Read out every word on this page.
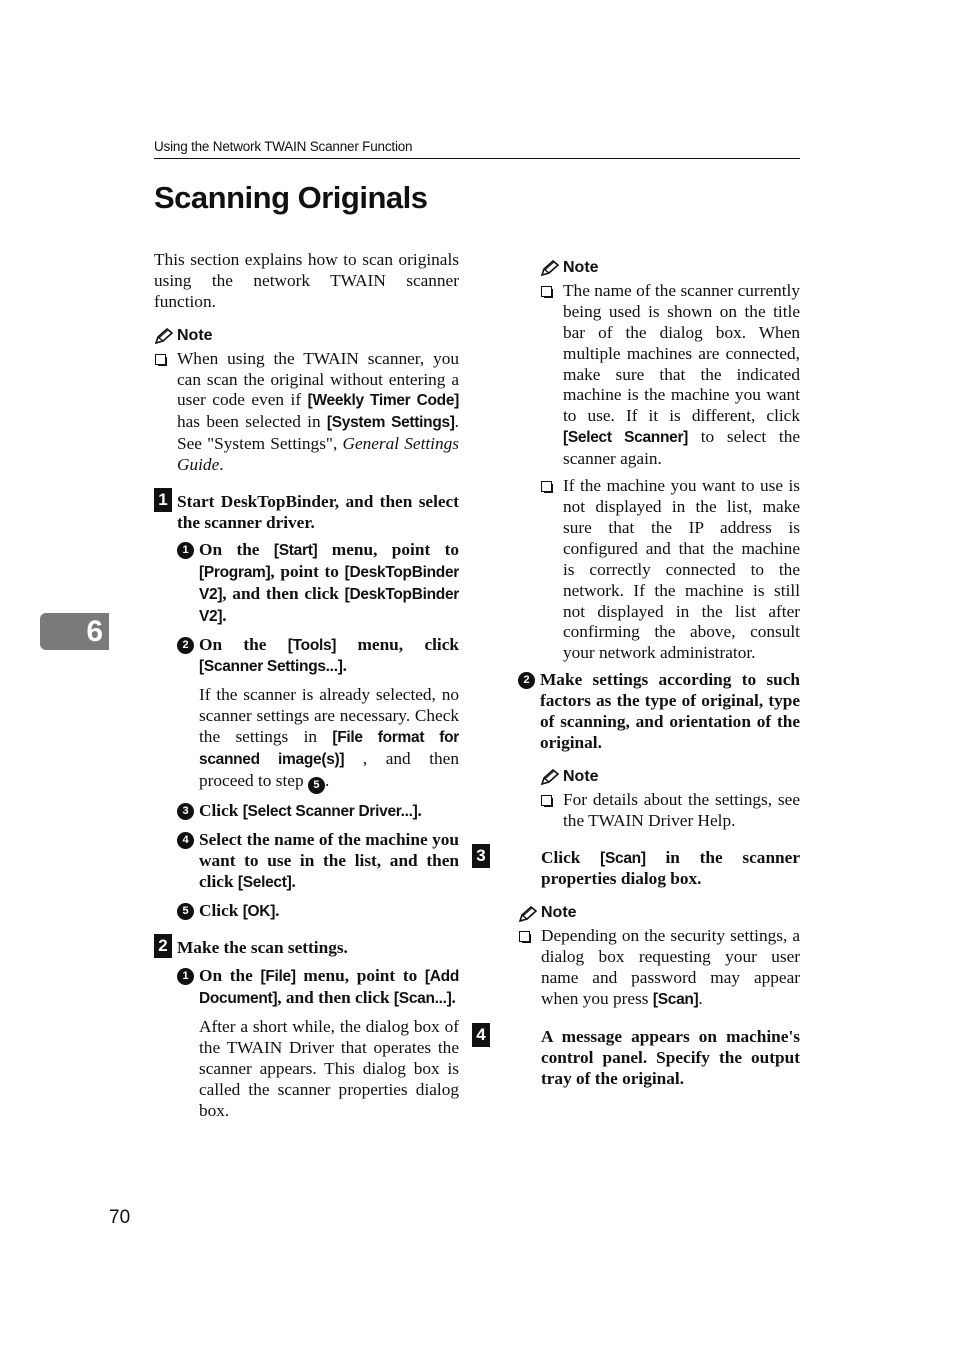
Using the Network TWAIN Scanner Function
Scanning Originals
6
70

This section explains how to scan originals using the network TWAIN scanner function.

Note

When using the TWAIN scanner, you can scan the original without entering a user code even if [Weekly Timer Code] has been selected in [System Settings]. See "System Settings", General Settings Guide.

1 Start DeskTopBinder, and then select the scanner driver.

1 On the [Start] menu, point to [Program], point to [DeskTopBinder V2], and then click [DeskTopBinder V2].

2 On the [Tools] menu, click [Scanner Settings...].

If the scanner is already selected, no scanner settings are necessary. Check the settings in [File format for scanned image(s)] , and then proceed to step 5 .

3 Click [Select Scanner Driver...].

4 Select the name of the machine you want to use in the list, and then click [Select].

5 Click [OK].

2 Make the scan settings.

1 On the [File] menu, point to [Add Document], and then click [Scan...].

After a short while, the dialog box of the TWAIN Driver that operates the scanner appears. This dialog box is called the scanner properties dialog box.

Note

The name of the scanner currently being used is shown on the title bar of the dialog box. When multiple machines are connected, make sure that the indicated machine is the machine you want to use. If it is different, click [Select Scanner] to select the scanner again.

If the machine you want to use is not displayed in the list, make sure that the IP address is configured and that the machine is correctly connected to the network. If the machine is still not displayed in the list after confirming the above, consult your network administrator.

2 Make settings according to such factors as the type of original, type of scanning, and orientation of the original.

Note

For details about the settings, see the TWAIN Driver Help.

3	Click [Scan] in the scanner properties dialog box.

Note

Depending on the security settings, a dialog box requesting your user name and password may appear when you press [Scan].

4	A message appears on machine's control panel. Specify the output tray of the original.
